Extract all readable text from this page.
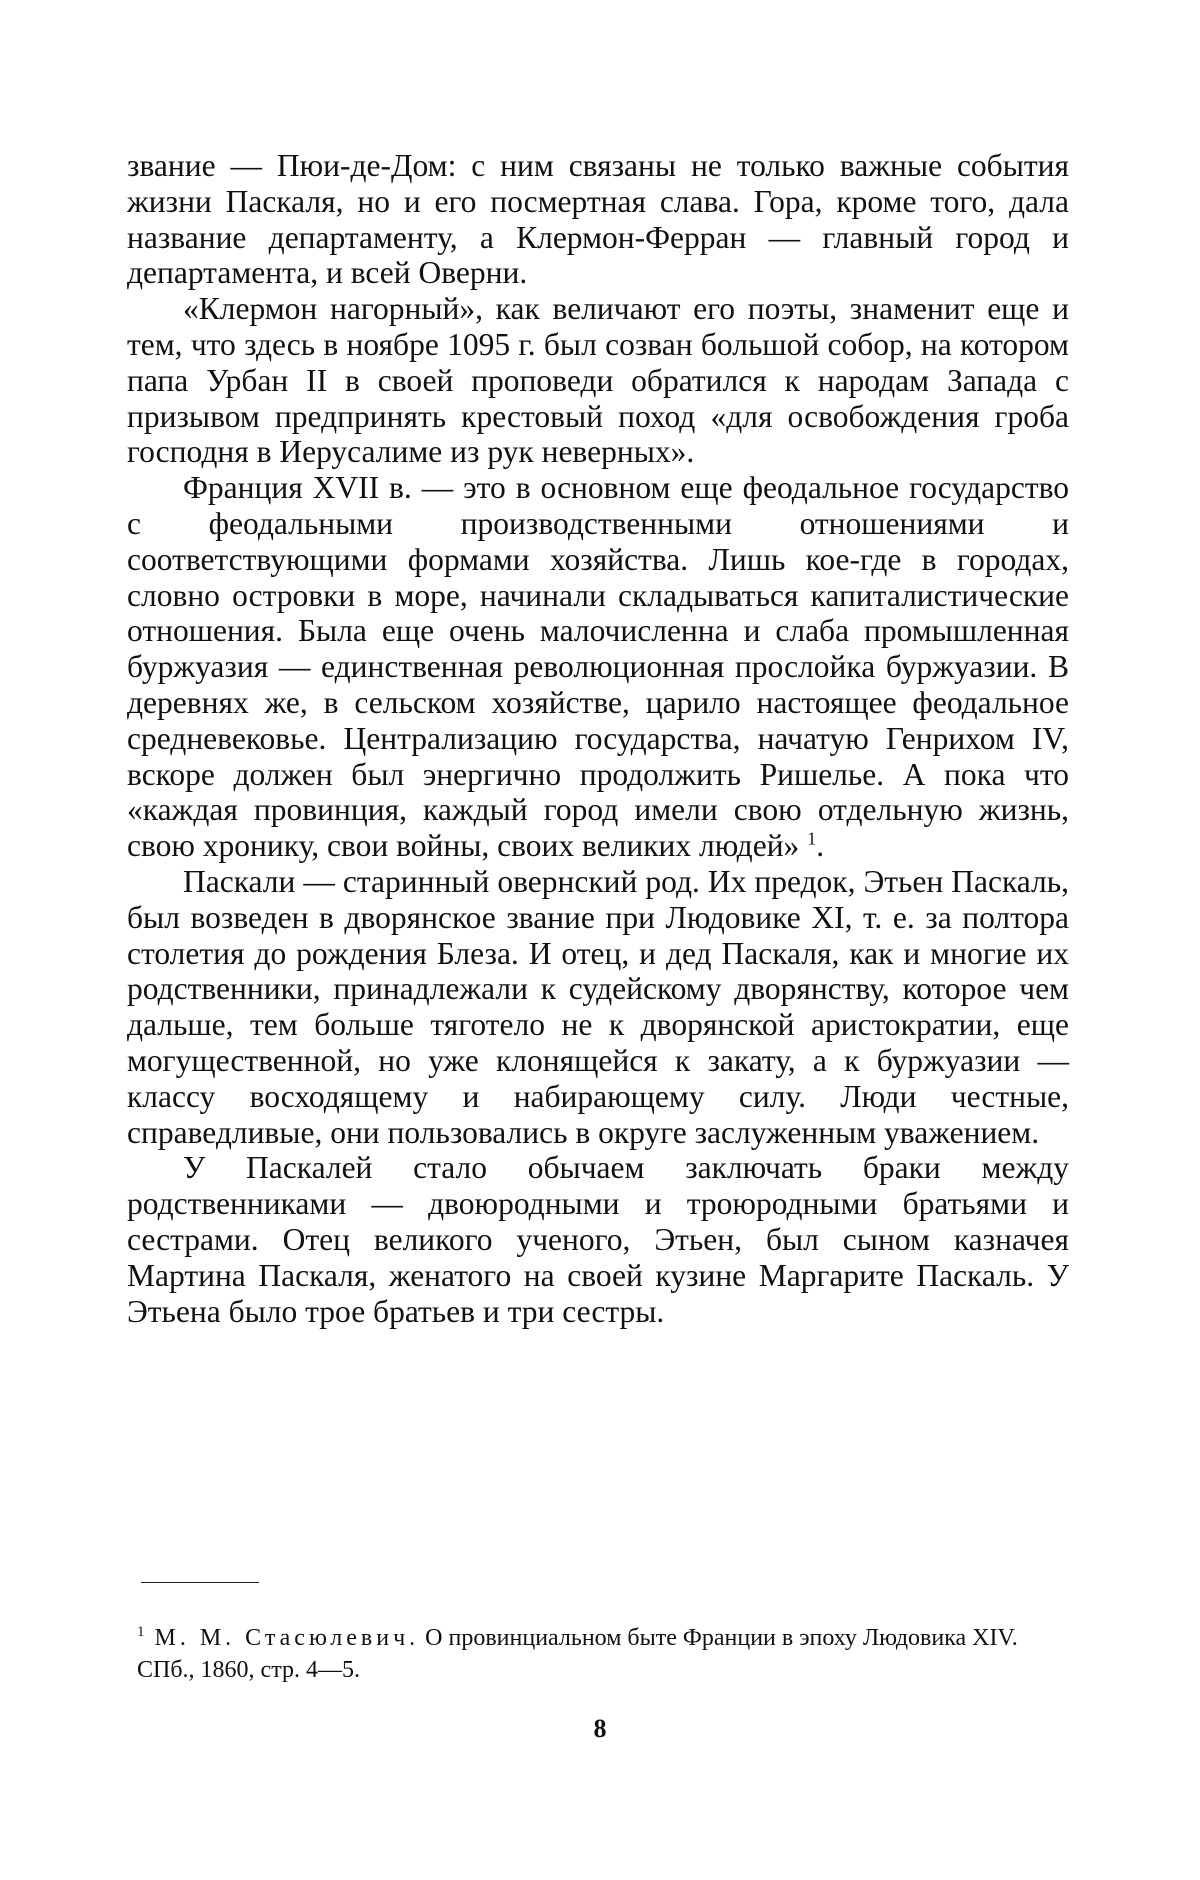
звание — Пюи-де-Дом: с ним связаны не только важные события жизни Паскаля, но и его посмертная слава. Гора, кроме того, дала название департаменту, а Клермон-Ферран — главный город и департамента, и всей Оверни.

«Клермон нагорный», как величают его поэты, знаменит еще и тем, что здесь в ноябре 1095 г. был созван большой собор, на котором папа Урбан II в своей проповеди обратился к народам Запада с призывом предпринять крестовый поход «для освобождения гроба господня в Иерусалиме из рук неверных».

Франция XVII в. — это в основном еще феодальное государство с феодальными производственными отношениями и соответствующими формами хозяйства. Лишь кое-где в городах, словно островки в море, начинали складываться капиталистические отношения. Была еще очень малочисленна и слаба промышленная буржуазия — единственная революционная прослойка буржуазии. В деревнях же, в сельском хозяйстве, царило настоящее феодальное средневековье. Централизацию государства, начатую Генрихом IV, вскоре должен был энергично продолжить Ришелье. А пока что «каждая провинция, каждый город имели свою отдельную жизнь, свою хронику, свои войны, своих великих людей» $^1$.

Паскали — старинный овернский род. Их предок, Этьен Паскаль, был возведен в дворянское звание при Людовике XI, т. е. за полтора столетия до рождения Блеза. И отец, и дед Паскаля, как и многие их родственники, принадлежали к судейскому дворянству, которое чем дальше, тем больше тяготело не к дворянской аристократии, еще могущественной, но уже клонящейся к закату, а к буржуазии — классу восходящему и набирающему силу. Люди честные, справедливые, они пользовались в округе заслуженным уважением.

У Паскалей стало обычаем заключать браки между родственниками — двоюродными и троюродными братьями и сестрами. Отец великого ученого, Этьен, был сыном казначея Мартина Паскаля, женатого на своей кузине Маргарите Паскаль. У Этьена было трое братьев и три сестры.

$^1$ М. М. Стасюлевич. О провинциальном быте Франции в эпоху Людовика XIV. СПб., 1860, стр. 4—5.
8
